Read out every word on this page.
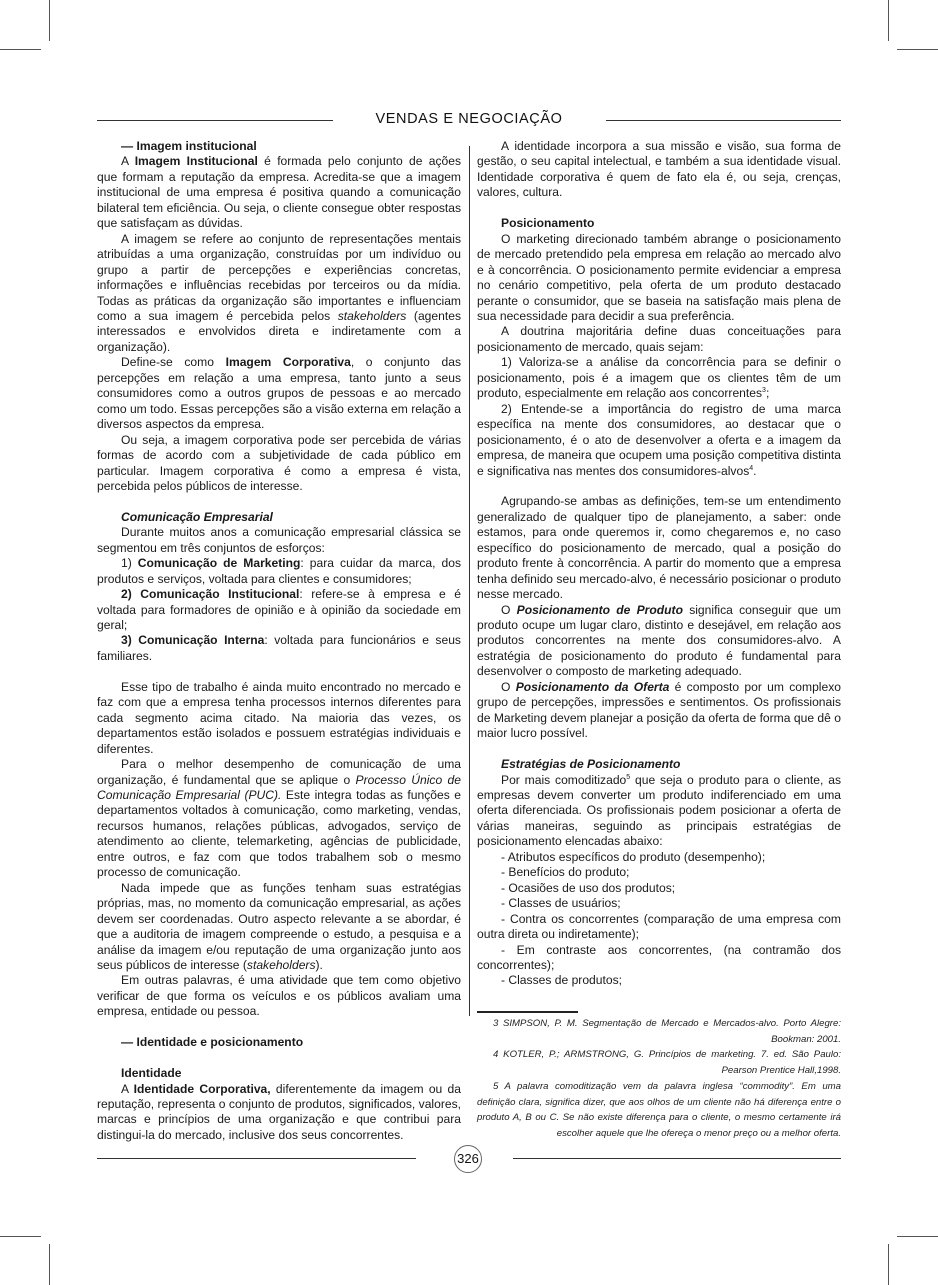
VENDAS E NEGOCIAÇÃO

— Imagem institucional

A Imagem Institucional é formada pelo conjunto de ações que formam a reputação da empresa. Acredita-se que a imagem institucional de uma empresa é positiva quando a comunicação bilateral tem eficiência. Ou seja, o cliente consegue obter respostas que satisfaçam as dúvidas.

A imagem se refere ao conjunto de representações mentais atribuídas a uma organização, construídas por um indivíduo ou grupo a partir de percepções e experiências concretas, informações e influências recebidas por terceiros ou da mídia. Todas as práticas da organização são importantes e influenciam como a sua imagem é percebida pelos stakeholders (agentes interessados e envolvidos direta e indiretamente com a organização).

Define-se como Imagem Corporativa, o conjunto das percepções em relação a uma empresa, tanto junto a seus consumidores como a outros grupos de pessoas e ao mercado como um todo. Essas percepções são a visão externa em relação a diversos aspectos da empresa.

Ou seja, a imagem corporativa pode ser percebida de várias formas de acordo com a subjetividade de cada público em particular. Imagem corporativa é como a empresa é vista, percebida pelos públicos de interesse.

Comunicação Empresarial

Durante muitos anos a comunicação empresarial clássica se segmentou em três conjuntos de esforços:

1) Comunicação de Marketing: para cuidar da marca, dos produtos e serviços, voltada para clientes e consumidores;

2) Comunicação Institucional: refere-se à empresa e é voltada para formadores de opinião e à opinião da sociedade em geral;

3) Comunicação Interna: voltada para funcionários e seus familiares.

Esse tipo de trabalho é ainda muito encontrado no mercado e faz com que a empresa tenha processos internos diferentes para cada segmento acima citado. Na maioria das vezes, os departamentos estão isolados e possuem estratégias individuais e diferentes.

Para o melhor desempenho de comunicação de uma organização, é fundamental que se aplique o Processo Único de Comunicação Empresarial (PUC). Este integra todas as funções e departamentos voltados à comunicação, como marketing, vendas, recursos humanos, relações públicas, advogados, serviço de atendimento ao cliente, telemarketing, agências de publicidade, entre outros, e faz com que todos trabalhem sob o mesmo processo de comunicação.

Nada impede que as funções tenham suas estratégias próprias, mas, no momento da comunicação empresarial, as ações devem ser coordenadas. Outro aspecto relevante a se abordar, é que a auditoria de imagem compreende o estudo, a pesquisa e a análise da imagem e/ou reputação de uma organização junto aos seus públicos de interesse (stakeholders).

Em outras palavras, é uma atividade que tem como objetivo verificar de que forma os veículos e os públicos avaliam uma empresa, entidade ou pessoa.

— Identidade e posicionamento

Identidade

A Identidade Corporativa, diferentemente da imagem ou da reputação, representa o conjunto de produtos, significados, valores, marcas e princípios de uma organização e que contribui para distingui-la do mercado, inclusive dos seus concorrentes.

A identidade incorpora a sua missão e visão, sua forma de gestão, o seu capital intelectual, e também a sua identidade visual. Identidade corporativa é quem de fato ela é, ou seja, crenças, valores, cultura.

Posicionamento

O marketing direcionado também abrange o posicionamento de mercado pretendido pela empresa em relação ao mercado alvo e à concorrência. O posicionamento permite evidenciar a empresa no cenário competitivo, pela oferta de um produto destacado perante o consumidor, que se baseia na satisfação mais plena de sua necessidade para decidir a sua preferência.

A doutrina majoritária define duas conceituações para posicionamento de mercado, quais sejam:

1) Valoriza-se a análise da concorrência para se definir o posicionamento, pois é a imagem que os clientes têm de um produto, especialmente em relação aos concorrentes$^3$;

2) Entende-se a importância do registro de uma marca específica na mente dos consumidores, ao destacar que o posicionamento, é o ato de desenvolver a oferta e a imagem da empresa, de maneira que ocupem uma posição competitiva distinta e significativa nas mentes dos consumidores-alvos$^4$.

Agrupando-se ambas as definições, tem-se um entendimento generalizado de qualquer tipo de planejamento, a saber: onde estamos, para onde queremos ir, como chegaremos e, no caso específico do posicionamento de mercado, qual a posição do produto frente à concorrência. A partir do momento que a empresa tenha definido seu mercado-alvo, é necessário posicionar o produto nesse mercado.

O Posicionamento de Produto significa conseguir que um produto ocupe um lugar claro, distinto e desejável, em relação aos produtos concorrentes na mente dos consumidores-alvo. A estratégia de posicionamento do produto é fundamental para desenvolver o composto de marketing adequado.

O Posicionamento da Oferta é composto por um complexo grupo de percepções, impressões e sentimentos. Os profissionais de Marketing devem planejar a posição da oferta de forma que dê o maior lucro possível.

Estratégias de Posicionamento

Por mais comoditizado$^5$ que seja o produto para o cliente, as empresas devem converter um produto indiferenciado em uma oferta diferenciada. Os profissionais podem posicionar a oferta de várias maneiras, seguindo as principais estratégias de posicionamento elencadas abaixo:

- Atributos específicos do produto (desempenho);

- Benefícios do produto;

- Ocasiões de uso dos produtos;

- Classes de usuários;

- Contra os concorrentes (comparação de uma empresa com outra direta ou indiretamente);

- Em contraste aos concorrentes, (na contramão dos concorrentes);

- Classes de produtos;

3 SIMPSON, P. M. Segmentação de Mercado e Mercados-alvo. Porto Alegre: Bookman: 2001.

4 KOTLER, P.; ARMSTRONG, G. Princípios de marketing. 7. ed. São Paulo: Pearson Prentice Hall,1998.

5 A palavra comoditização vem da palavra inglesa “commodity”. Em uma definição clara, significa dizer, que aos olhos de um cliente não há diferença entre o produto A, B ou C. Se não existe diferença para o cliente, o mesmo certamente irá escolher aquele que lhe ofereça o menor preço ou a melhor oferta.

326
